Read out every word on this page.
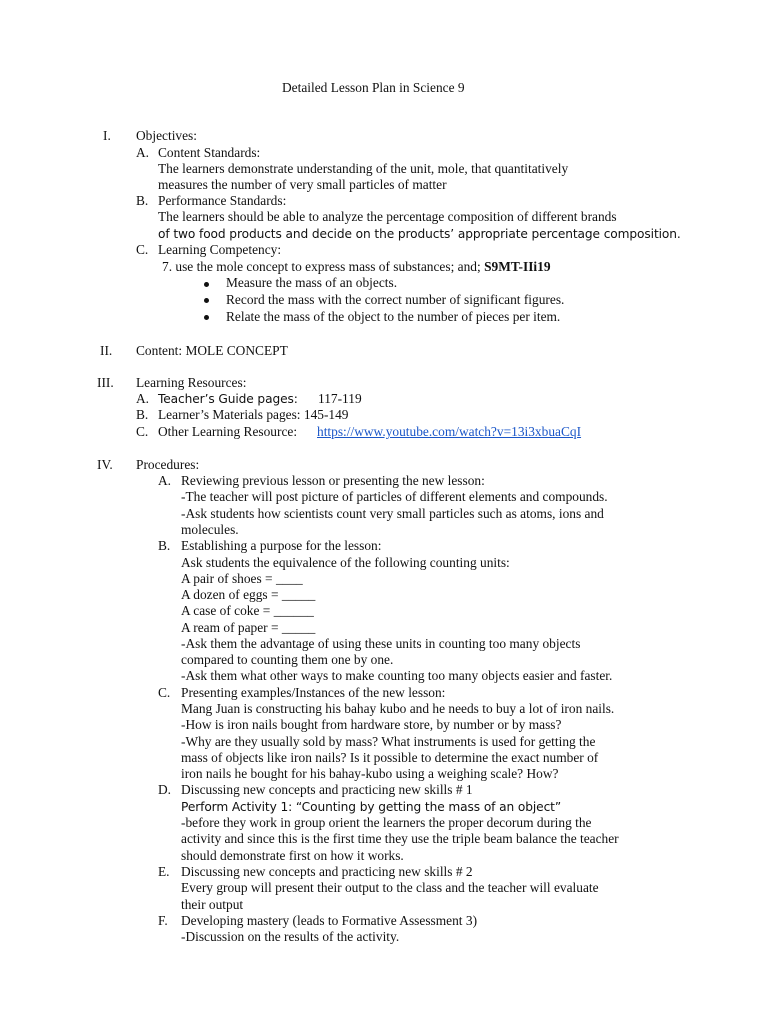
Detailed Lesson Plan in Science 9
I. Objectives:
A. Content Standards:
The learners demonstrate understanding of the unit, mole, that quantitatively
measures the number of very small particles of matter
B. Performance Standards:
The learners should be able to analyze the percentage composition of different brands
of two food products and decide on the products’ appropriate percentage composition.
C. Learning Competency:
7. use the mole concept to express mass of substances; and; S9MT-IIi19
Measure the mass of an objects.
Record the mass with the correct number of significant figures.
Relate the mass of the object to the number of pieces per item.
II. Content: MOLE CONCEPT
III. Learning Resources:
A. Teacher’s Guide pages: 117-119
B. Learner’s Materials pages: 145-149
C. Other Learning Resource: https://www.youtube.com/watch?v=13i3xbuaCqI
IV. Procedures:
A. Reviewing previous lesson or presenting the new lesson:
-The teacher will post picture of particles of different elements and compounds.
-Ask students how scientists count very small particles such as atoms, ions and
molecules.
B. Establishing a purpose for the lesson:
Ask students the equivalence of the following counting units:
A pair of shoes = ____
A dozen of eggs = _____
A case of coke = ______
A ream of paper = _____
-Ask them the advantage of using these units in counting too many objects
compared to counting them one by one.
-Ask them what other ways to make counting too many objects easier and faster.
C. Presenting examples/Instances of the new lesson:
Mang Juan is constructing his bahay kubo and he needs to buy a lot of iron nails.
-How is iron nails bought from hardware store, by number or by mass?
-Why are they usually sold by mass? What instruments is used for getting the
mass of objects like iron nails? Is it possible to determine the exact number of
iron nails he bought for his bahay-kubo using a weighing scale? How?
D. Discussing new concepts and practicing new skills # 1
Perform Activity 1: “Counting by getting the mass of an object”
-before they work in group orient the learners the proper decorum during the
activity and since this is the first time they use the triple beam balance the teacher
should demonstrate first on how it works.
E. Discussing new concepts and practicing new skills # 2
Every group will present their output to the class and the teacher will evaluate
their output
F. Developing mastery (leads to Formative Assessment 3)
-Discussion on the results of the activity.
